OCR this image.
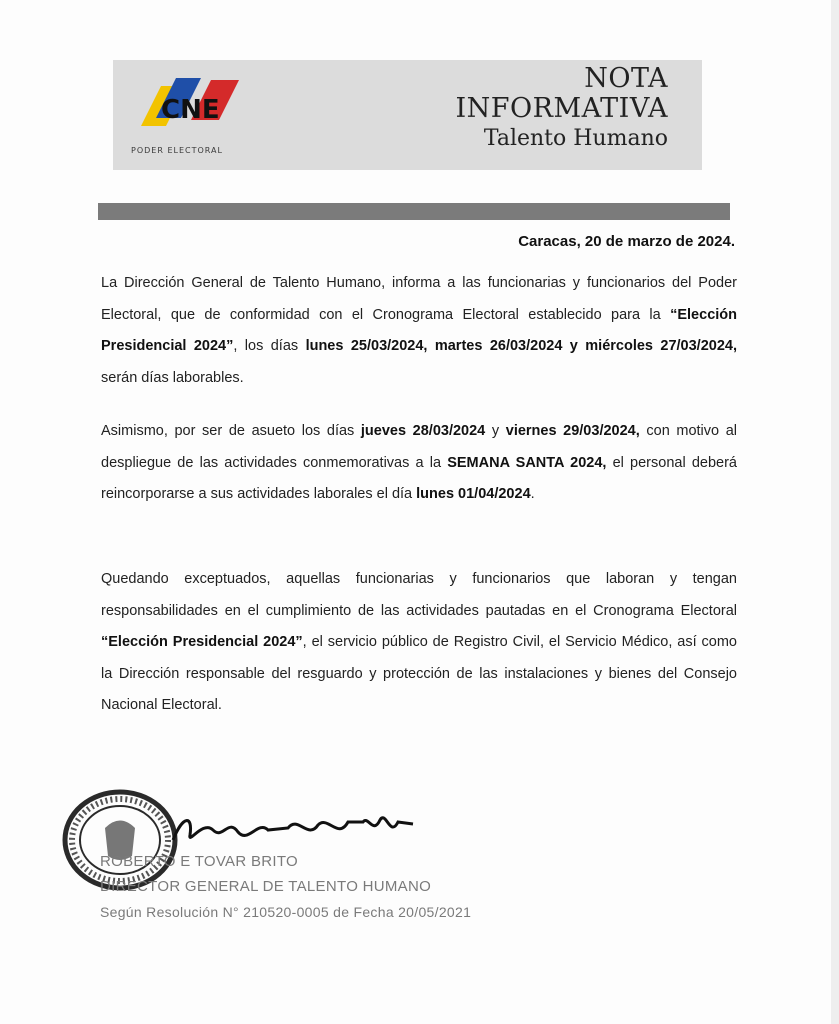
CNE
PODER ELECTORAL
NOTA
INFORMATIVA
Talento Humano
Caracas, 20 de marzo de 2024.
La Dirección General de Talento Humano, informa a las funcionarias y funcionarios del Poder Electoral, que de conformidad con el Cronograma Electoral establecido para la “Elección Presidencial 2024”, los días lunes 25/03/2024, martes 26/03/2024 y miércoles 27/03/2024, serán días laborables.
Asimismo, por ser de asueto los días jueves 28/03/2024 y viernes 29/03/2024, con motivo al despliegue de las actividades conmemorativas a la SEMANA SANTA 2024, el personal deberá reincorporarse a sus actividades laborales el día lunes 01/04/2024.
Quedando exceptuados, aquellas funcionarias y funcionarios que laboran y tengan responsabilidades en el cumplimiento de las actividades pautadas en el Cronograma Electoral “Elección Presidencial 2024”, el servicio público de Registro Civil, el Servicio Médico, así como la Dirección responsable del resguardo y protección de las instalaciones y bienes del Consejo Nacional Electoral.
ROBERTO E TOVAR BRITO
DIRECTOR GENERAL DE TALENTO HUMANO
Según Resolución N° 210520-0005 de Fecha 20/05/2021
